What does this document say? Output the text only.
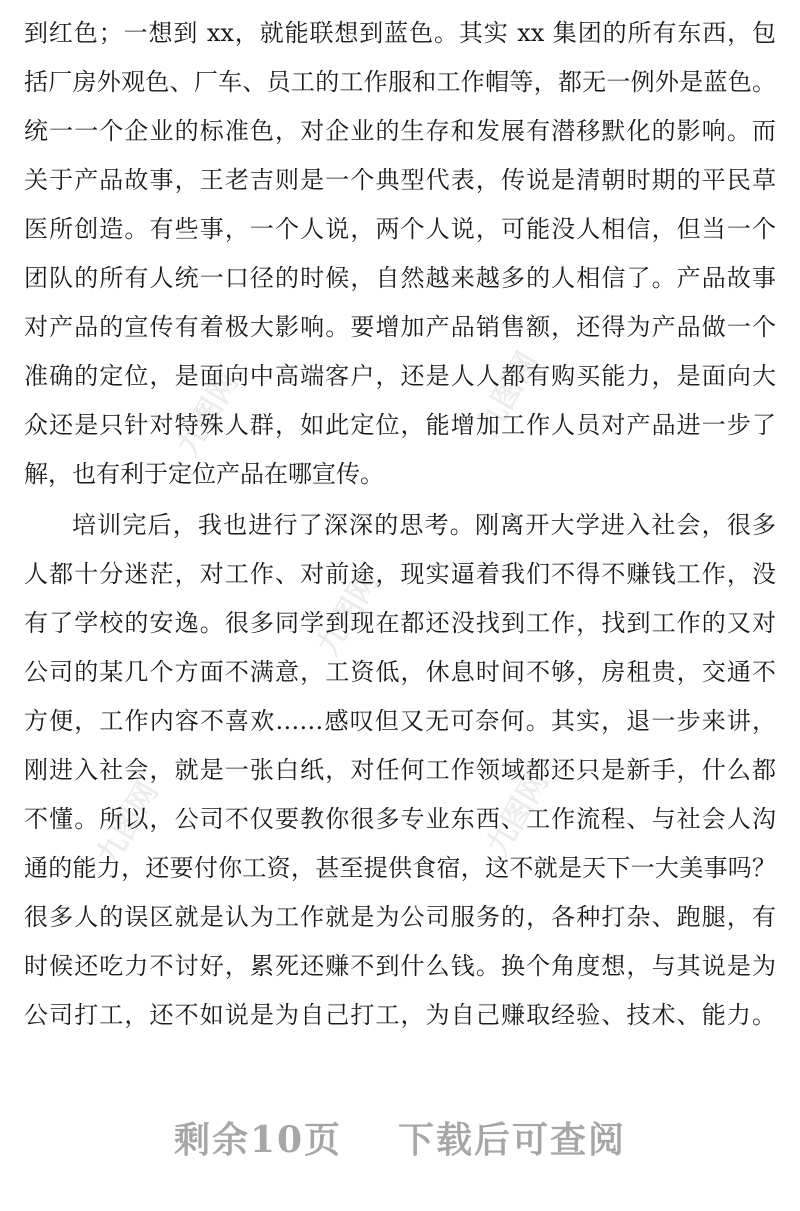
九图网	九图网
九图网
九图网	九图网
到红色；一想到 xx，就能联想到蓝色。其实 xx 集团的所有东西，包
括厂房外观色、厂车、员工的工作服和工作帽等，都无一例外是蓝色。
统一一个企业的标准色，对企业的生存和发展有潜移默化的影响。而
关于产品故事，王老吉则是一个典型代表，传说是清朝时期的平民草
医所创造。有些事，一个人说，两个人说，可能没人相信，但当一个
团队的所有人统一口径的时候，自然越来越多的人相信了。产品故事
对产品的宣传有着极大影响。要增加产品销售额，还得为产品做一个
准确的定位，是面向中高端客户，还是人人都有购买能力，是面向大
众还是只针对特殊人群，如此定位，能增加工作人员对产品进一步了
解，也有利于定位产品在哪宣传。
培训完后，我也进行了深深的思考。刚离开大学进入社会，很多
人都十分迷茫，对工作、对前途，现实逼着我们不得不赚钱工作，没
有了学校的安逸。很多同学到现在都还没找到工作，找到工作的又对
公司的某几个方面不满意，工资低，休息时间不够，房租贵，交通不
方便，工作内容不喜欢……感叹但又无可奈何。其实，退一步来讲，
刚进入社会，就是一张白纸，对任何工作领域都还只是新手，什么都
不懂。所以，公司不仅要教你很多专业东西、工作流程、与社会人沟
通的能力，还要付你工资，甚至提供食宿，这不就是天下一大美事吗？
很多人的误区就是认为工作就是为公司服务的，各种打杂、跑腿，有
时候还吃力不讨好，累死还赚不到什么钱。换个角度想，与其说是为
公司打工，还不如说是为自己打工，为自己赚取经验、技术、能力。
剩余10页 下载后可查阅
